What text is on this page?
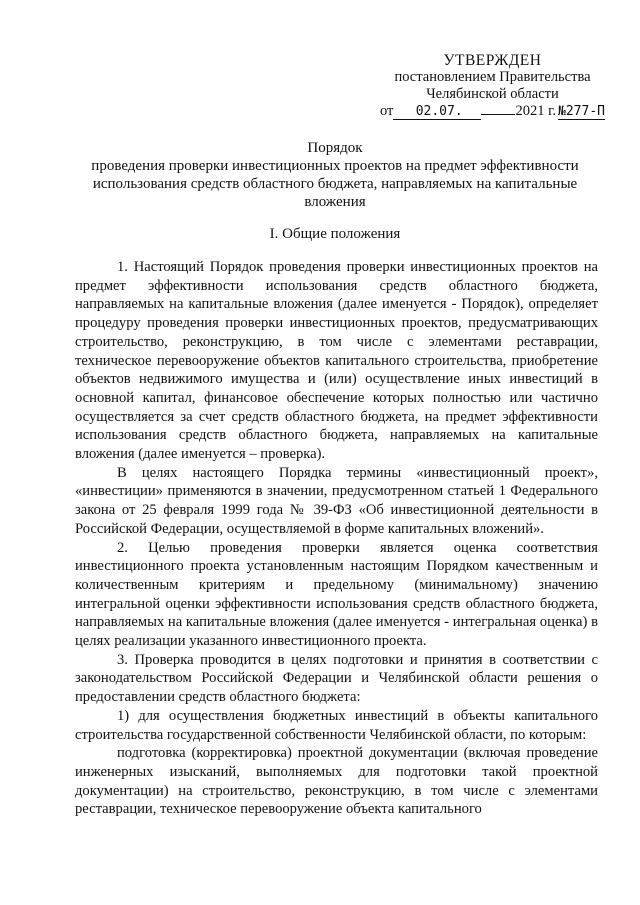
УТВЕРЖДЕН
постановлением Правительства
Челябинской области
от	02.07.	2021 г. №277-П
Порядок
проведения проверки инвестиционных проектов на предмет эффективности
использования средств областного бюджета, направляемых на капитальные
вложения
I. Общие положения

1. Настоящий Порядок проведения проверки инвестиционных проектов на предмет эффективности использования средств областного бюджета, направляемых на капитальные вложения (далее именуется - Порядок), определяет процедуру проведения проверки инвестиционных проектов, предусматривающих строительство, реконструкцию, в том числе с элементами реставрации, техническое перевооружение объектов капитального строительства, приобретение объектов недвижимого имущества и (или) осуществление иных инвестиций в основной капитал, финансовое обеспечение которых полностью или частично осуществляется за счет средств областного бюджета, на предмет эффективности использования средств областного бюджета, направляемых на капитальные вложения (далее именуется – проверка).

В целях настоящего Порядка термины «инвестиционный проект», «инвестиции» применяются в значении, предусмотренном статьей 1 Федерального закона от 25 февраля 1999 года № 39-ФЗ «Об инвестиционной деятельности в Российской Федерации, осуществляемой в форме капитальных вложений».

2. Целью проведения проверки является оценка соответствия инвестиционного проекта установленным настоящим Порядком качественным и количественным критериям и предельному (минимальному) значению интегральной оценки эффективности использования средств областного бюджета, направляемых на капитальные вложения (далее именуется - интегральная оценка) в целях реализации указанного инвестиционного проекта.

3. Проверка проводится в целях подготовки и принятия в соответствии с законодательством Российской Федерации и Челябинской области решения о предоставлении средств областного бюджета:

1) для осуществления бюджетных инвестиций в объекты капитального строительства государственной собственности Челябинской области, по которым:

подготовка (корректировка) проектной документации (включая проведение инженерных изысканий, выполняемых для подготовки такой проектной документации) на строительство, реконструкцию, в том числе с элементами реставрации, техническое перевооружение объекта капитального
